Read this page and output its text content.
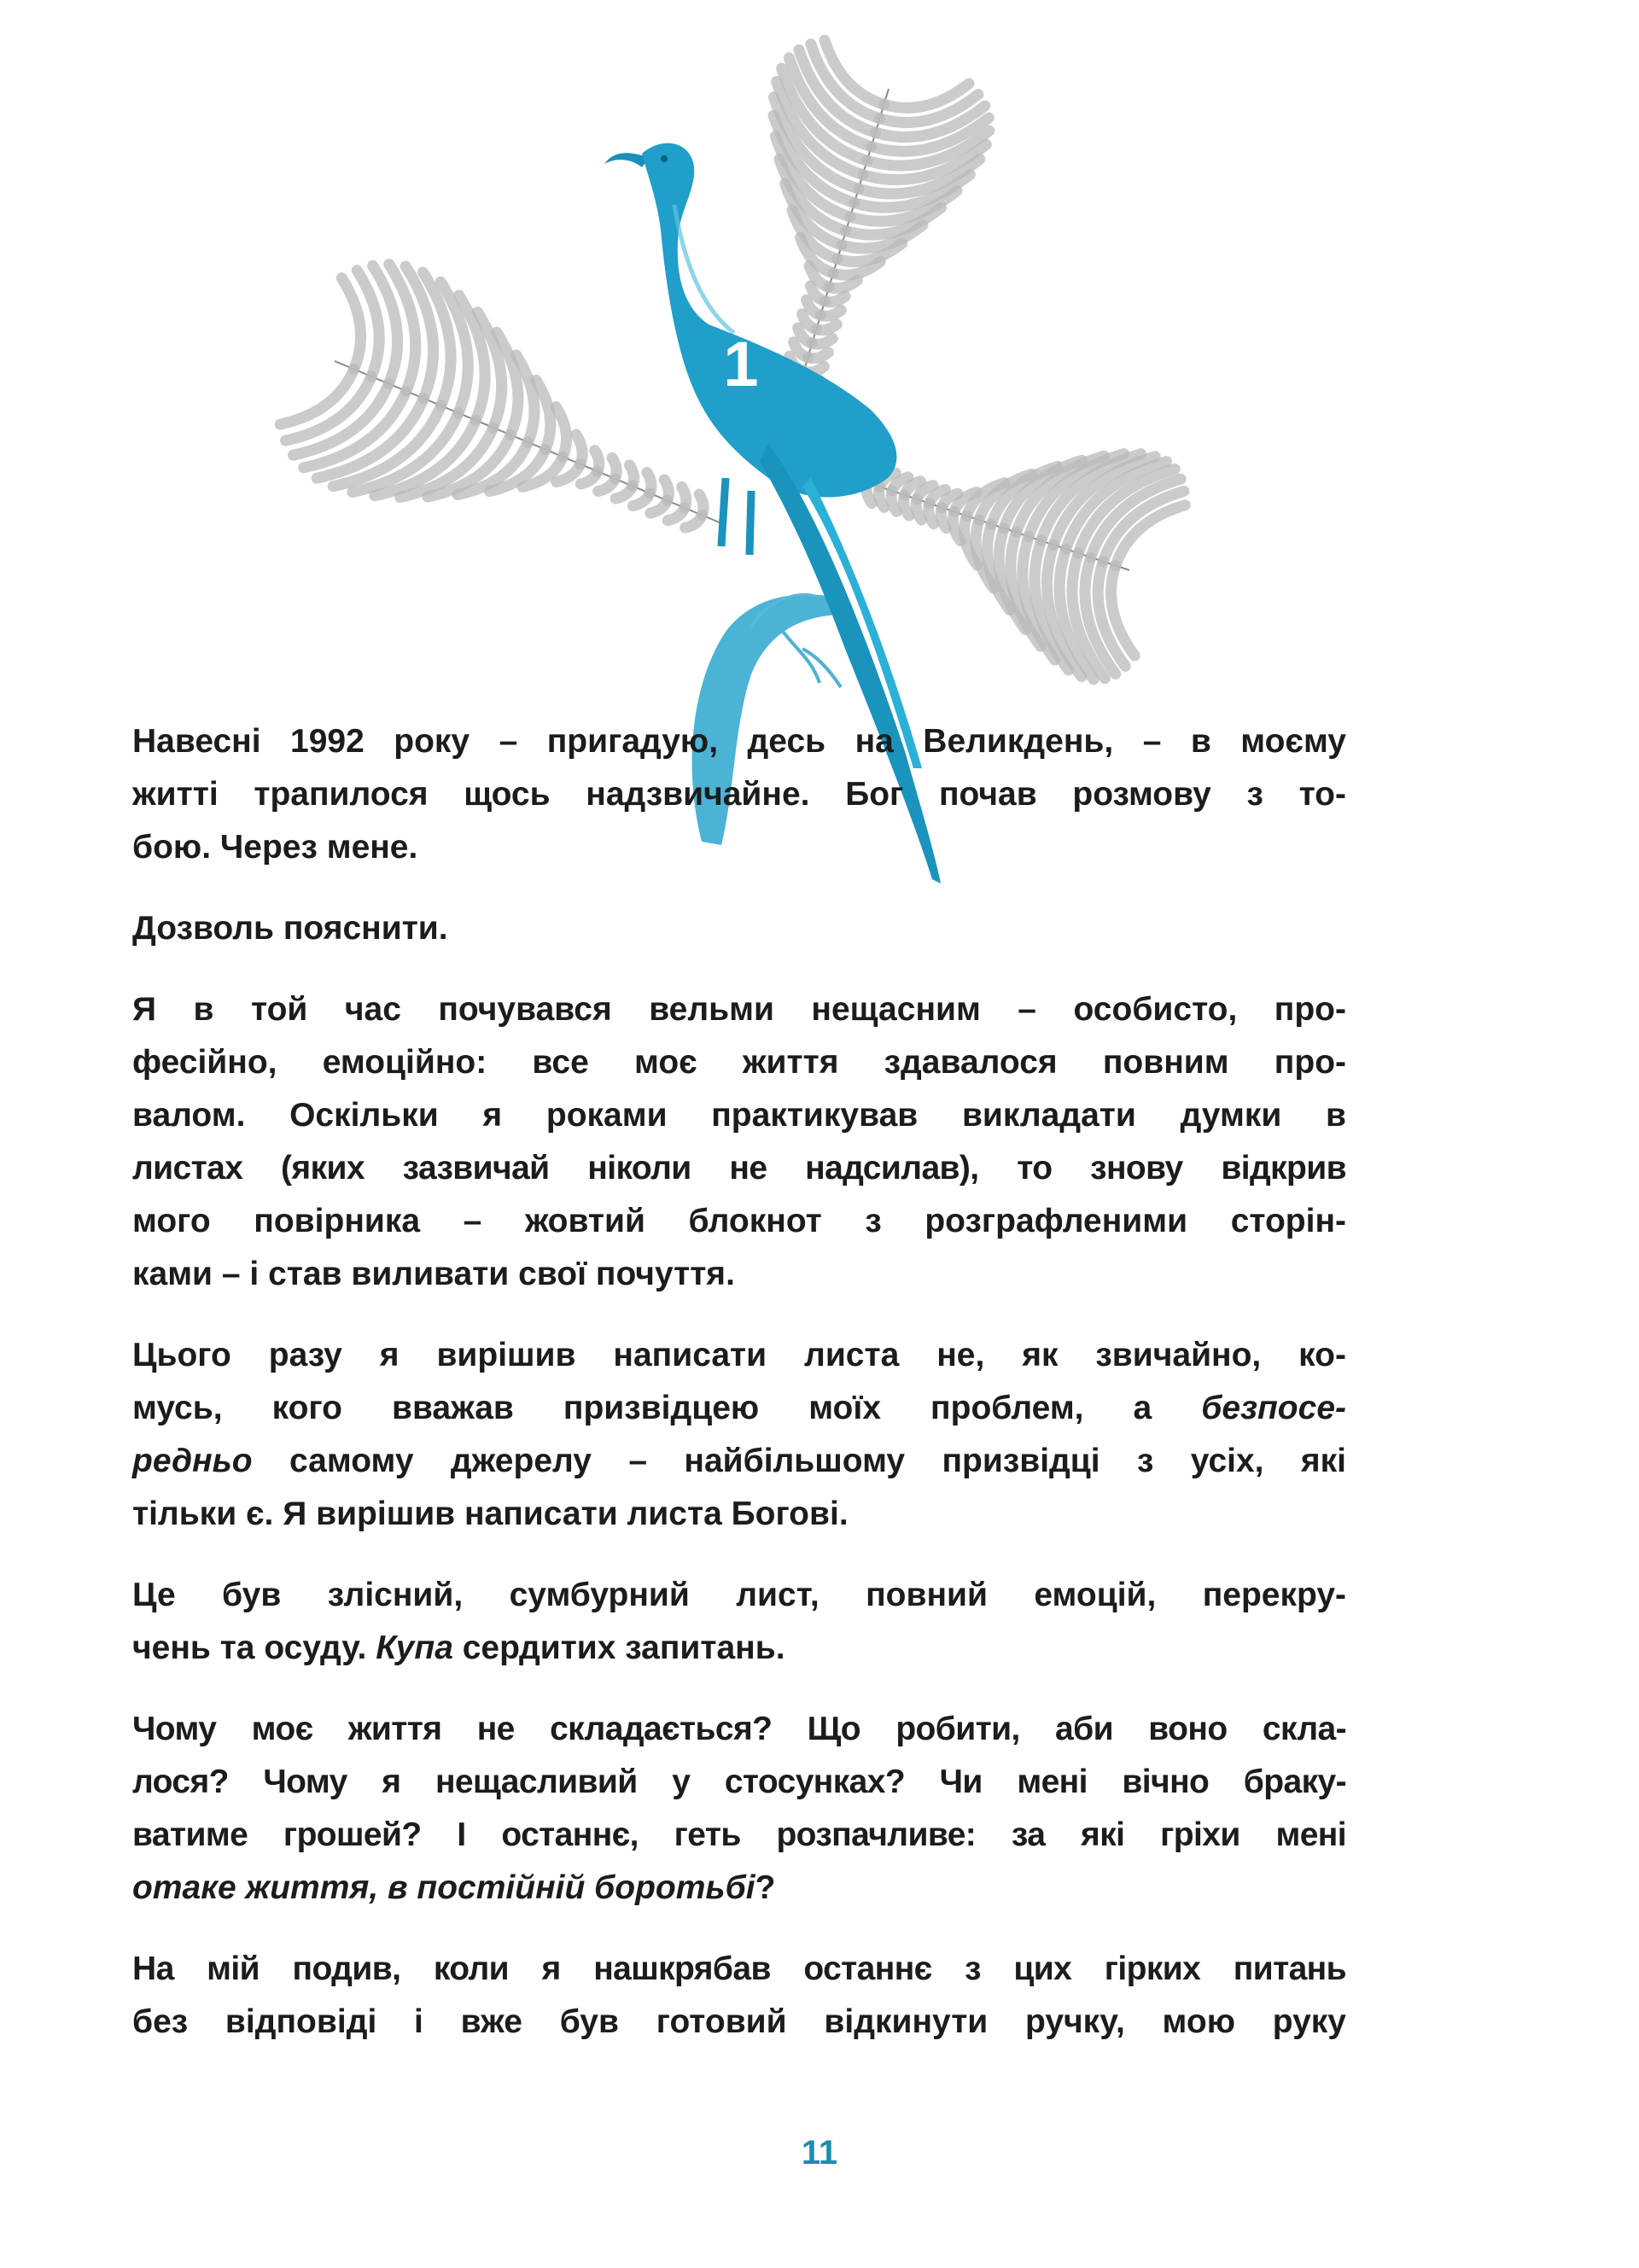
1
Навесні 1992 року – пригадую, десь на Великдень, – в моєму
житті трапилося щось надзвичайне. Бог почав розмову з то-
бою. Через мене.
Дозволь пояснити.
Я в той час почувався вельми нещасним – особисто, про-
фесійно, емоційно: все моє життя здавалося повним про-
валом. Оскільки я роками практикував викладати думки в
листах (яких зазвичай ніколи не надсилав), то знову відкрив
мого повірника – жовтий блокнот з розграфленими сторін-
ками – і став виливати свої почуття.
Цього разу я вирішив написати листа не, як звичайно, ко-
мусь, кого вважав призвідцею моїх проблем, а безпосе-
редньо самому джерелу – найбільшому призвідці з усіх, які
тільки є. Я вирішив написати листа Богові.
Це був злісний, сумбурний лист, повний емоцій, перекру-
чень та осуду. Купа сердитих запитань.
Чому моє життя не складається? Що робити, аби воно скла-
лося? Чому я нещасливий у стосунках? Чи мені вічно браку-
ватиме грошей? І останнє, геть розпачливе: за які гріхи мені
отаке життя, в постійній боротьбі?
На мій подив, коли я нашкрябав останнє з цих гірких питань
без відповіді і вже був готовий відкинути ручку, мою руку
11
